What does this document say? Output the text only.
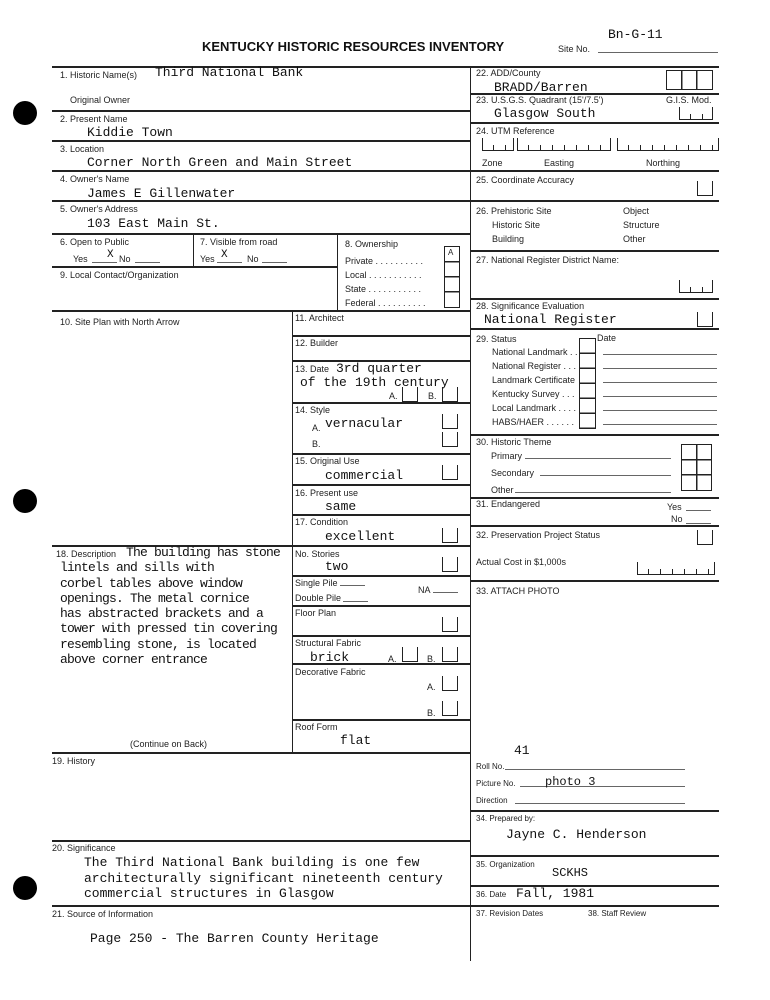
KENTUCKY HISTORIC RESOURCES INVENTORY	Site No.
Bn-G-11
1. Historic Name(s) Third National Bank
Original Owner
2. Present Name
Kiddie Town
3. Location
Corner North Green and Main Street
4. Owner's Name
James E Gillenwater
5. Owner's Address
103 East Main St.
6. Open to Public
Yes X No
7. Visible from road
Yes X No
8. Ownership
Private . . . . . . . . . .
Local . . . . . . . . . . .
State . . . . . . . . . . .
Federal . . . . . . . . . .
A
9. Local Contact/Organization
10. Site Plan with North Arrow	11. Architect
12. Builder
13. Date 3rd quarter
of the 19th century
A.	B.
14. Style
A. vernacular
B.
15. Original Use
commercial
16. Present use
same
17. Condition
excellent
No. Stories
two
Single Pile
NA
Double Pile
Floor Plan
Structural Fabric
brick	A.	B.
Decorative Fabric
A.
B.
Roof Form
flat
18. Description The building has stone
lintels and sills with
corbel tables above window
openings. The metal cornice
has abstracted brackets and a
tower with pressed tin covering
resembling stone, is located
above corner entrance
(Continue on Back)
19. History
20. Significance
The Third National Bank building is one few
architecturally significant nineteenth century
commercial structures in Glasgow
21. Source of Information
Page 250 - The Barren County Heritage
22. ADD/County
BRADD/Barren
23. U.S.G.S. Quadrant (15'/7.5')	G.I.S. Mod.
Glasgow South
24. UTM Reference
Zone	Easting	Northing
25. Coordinate Accuracy
26. Prehistoric Site
Historic Site
Building
Object
Structure
Other
27. National Register District Name:
28. Significance Evaluation
National Register
29. Status	Date
National Landmark . .
National Register . . .
Landmark Certificate
Kentucky Survey . . .
Local Landmark . . . .
HABS/HAER . . . . . .
30. Historic Theme
Primary
Secondary
Other
31. Endangered	Yes
No
32. Preservation Project Status
Actual Cost in $1,000s
33. ATTACH PHOTO
41
Roll No.
Picture No. photo 3
Direction
34. Prepared by:
Jayne C. Henderson
35. Organization
SCKHS
36. Date Fall, 1981
37. Revision Dates	38. Staff Review
